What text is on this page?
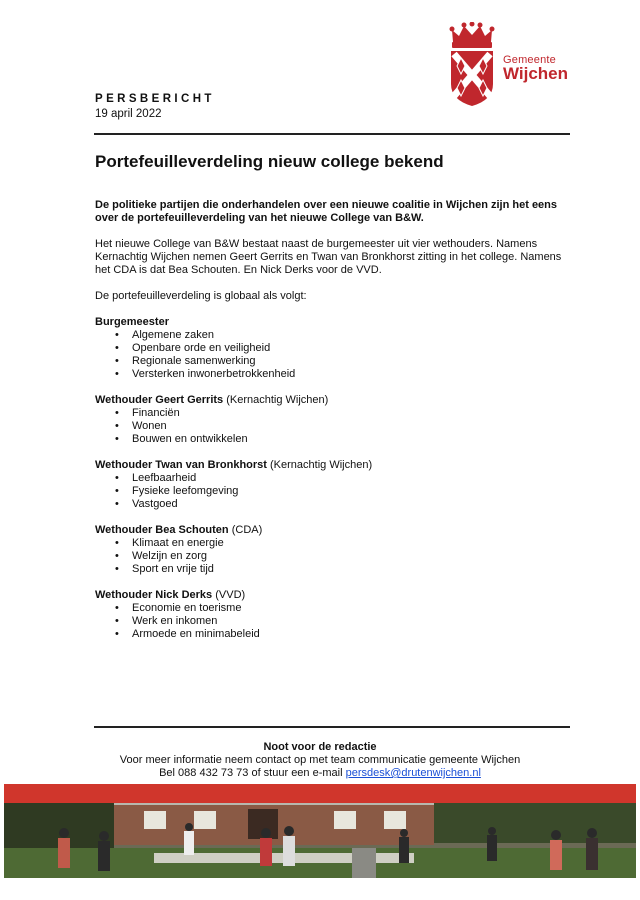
Gemeente
Wijchen
PERSBERICHT
19 april 2022
Portefeuilleverdeling nieuw college bekend

De politieke partijen die onderhandelen over een nieuwe coalitie in Wijchen zijn het eens over de portefeuilleverdeling van het nieuwe College van B&W.

Het nieuwe College van B&W bestaat naast de burgemeester uit vier wethouders. Namens Kernachtig Wijchen nemen Geert Gerrits en Twan van Bronkhorst zitting in het college. Namens het CDA is dat Bea Schouten. En Nick Derks voor de VVD.

De portefeuilleverdeling is globaal als volgt:

Burgemeester
• Algemene zaken
• Openbare orde en veiligheid
• Regionale samenwerking
• Versterken inwonerbetrokkenheid
Wethouder Geert Gerrits (Kernachtig Wijchen)
• Financiën
• Wonen
• Bouwen en ontwikkelen
Wethouder Twan van Bronkhorst (Kernachtig Wijchen)
• Leefbaarheid
• Fysieke leefomgeving
• Vastgoed
Wethouder Bea Schouten (CDA)
• Klimaat en energie
• Welzijn en zorg
• Sport en vrije tijd
Wethouder Nick Derks (VVD)
• Economie en toerisme
• Werk en inkomen
• Armoede en minimabeleid
Noot voor de redactie
Voor meer informatie neem contact op met team communicatie gemeente Wijchen
Bel 088 432 73 73 of stuur een e-mail persdesk@drutenwijchen.nl
